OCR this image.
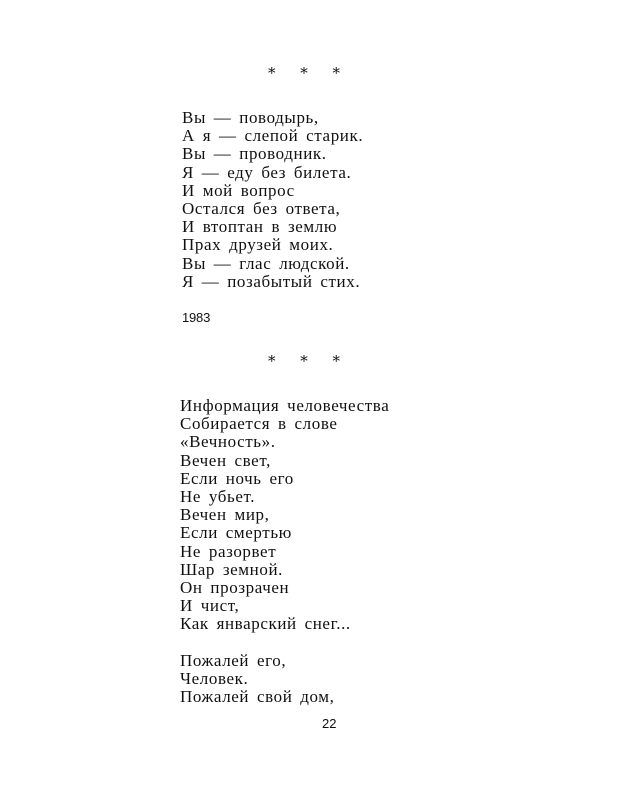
* * *
Вы — поводырь,
А я — слепой старик.
Вы — проводник.
Я — еду без билета.
И мой вопрос
Остался без ответа,
И втоптан в землю
Прах друзей моих.
Вы — глас людской.
Я — позабытый стих.
1983
* * *
Информация человечества
Собирается в слове
«Вечность».
Вечен свет,
Если ночь его
Не убьет.
Вечен мир,
Если смертью
Не разорвет
Шар земной.
Он прозрачен
И чист,
Как январский снег...
Пожалей его,
Человек.
Пожалей свой дом,
22
